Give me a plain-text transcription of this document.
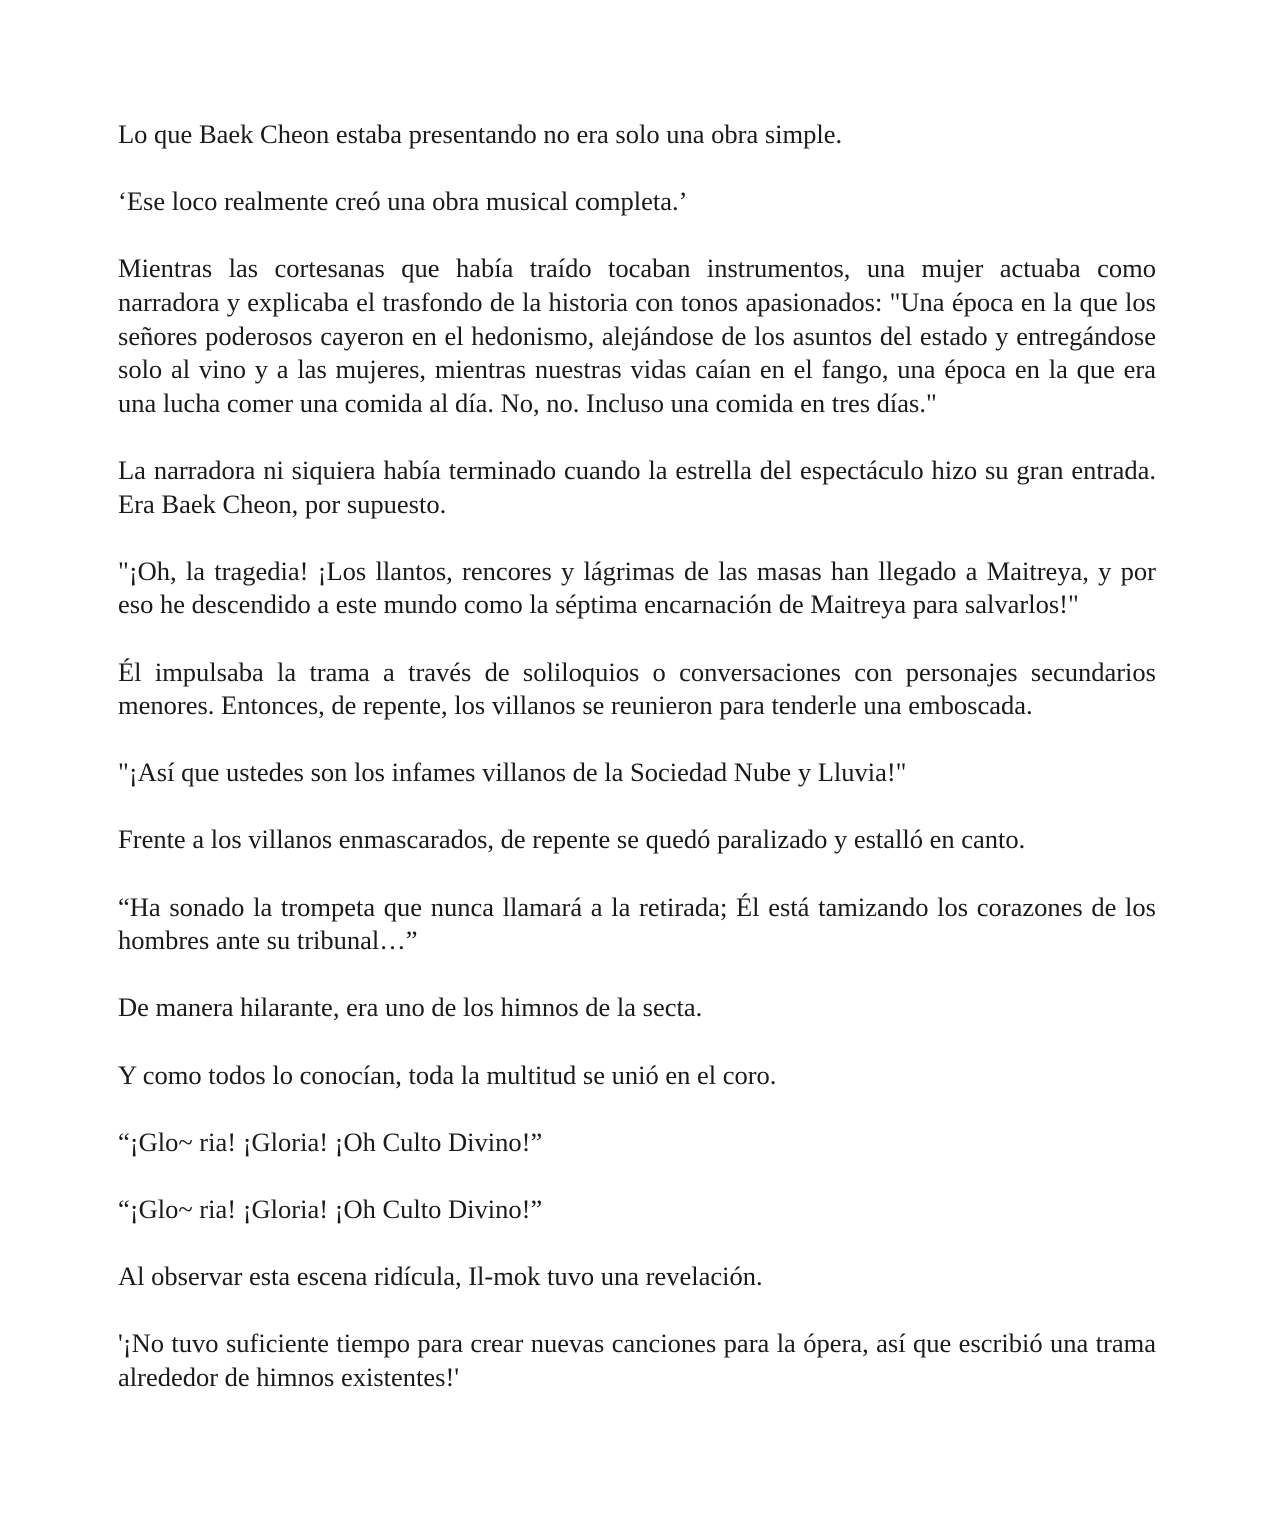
Lo que Baek Cheon estaba presentando no era solo una obra simple.

‘Ese loco realmente creó una obra musical completa.’

Mientras las cortesanas que había traído tocaban instrumentos, una mujer actuaba como narradora y explicaba el trasfondo de la historia con tonos apasionados: "Una época en la que los señores poderosos cayeron en el hedonismo, alejándose de los asuntos del estado y entregándose solo al vino y a las mujeres, mientras nuestras vidas caían en el fango, una época en la que era una lucha comer una comida al día. No, no. Incluso una comida en tres días."

La narradora ni siquiera había terminado cuando la estrella del espectáculo hizo su gran entrada. Era Baek Cheon, por supuesto.

"¡Oh, la tragedia! ¡Los llantos, rencores y lágrimas de las masas han llegado a Maitreya, y por eso he descendido a este mundo como la séptima encarnación de Maitreya para salvarlos!"

Él impulsaba la trama a través de soliloquios o conversaciones con personajes secundarios menores. Entonces, de repente, los villanos se reunieron para tenderle una emboscada.

"¡Así que ustedes son los infames villanos de la Sociedad Nube y Lluvia!"

Frente a los villanos enmascarados, de repente se quedó paralizado y estalló en canto.

“Ha sonado la trompeta que nunca llamará a la retirada; Él está tamizando los corazones de los hombres ante su tribunal…”

De manera hilarante, era uno de los himnos de la secta.

Y como todos lo conocían, toda la multitud se unió en el coro.

“¡Glo~ ria! ¡Gloria! ¡Oh Culto Divino!”

“¡Glo~ ria! ¡Gloria! ¡Oh Culto Divino!”

Al observar esta escena ridícula, Il-mok tuvo una revelación.

'¡No tuvo suficiente tiempo para crear nuevas canciones para la ópera, así que escribió una trama alrededor de himnos existentes!'
